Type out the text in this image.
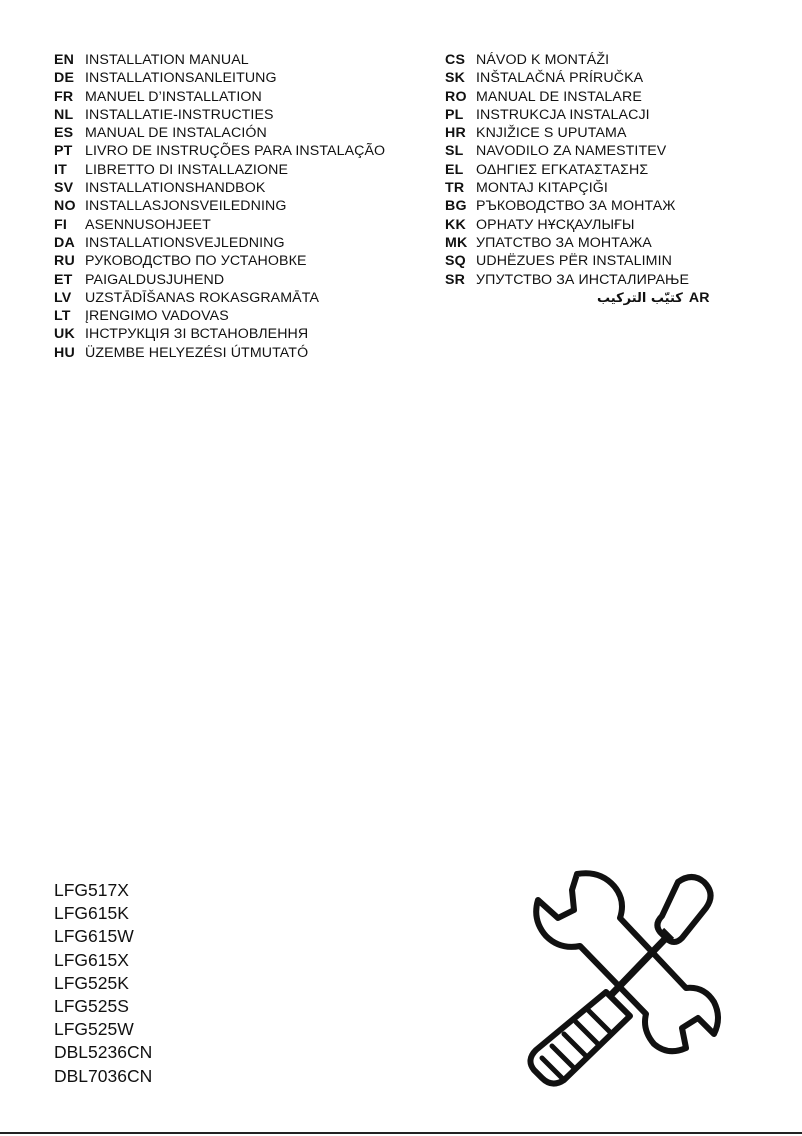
EN INSTALLATION MANUAL
DE INSTALLATIONSANLEITUNG
FR MANUEL D’INSTALLATION
NL INSTALLATIE-INSTRUCTIES
ES MANUAL DE INSTALACIÓN
PT LIVRO DE INSTRUÇÕES PARA INSTALAÇÃO
IT	LIBRETTO DI INSTALLAZIONE
SV INSTALLATIONSHANDBOK
NO INSTALLASJONSVEILEDNING
FI	ASENNUSOHJEET
DA INSTALLATIONSVEJLEDNING
RU РУКОВОДСТВО ПО УСТАНОВКЕ
ET PAIGALDUSJUHEND
LV UZSTĀDĪŠANAS ROKASGRAMĀTA
LT	ĮRENGIMO VADOVAS
UK ІНСТРУКЦІЯ ЗІ ВСТАНОВЛЕННЯ
HU ÜZEMBE HELYEZÉSI ÚTMUTATÓ
CS NÁVOD K MONTÁŽI
SK INŠTALAČNÁ PRÍRUČKA
RO MANUAL DE INSTALARE
PL INSTRUKCJA INSTALACJI
HR KNJIŽICE S UPUTAMA
SL NAVODILO ZA NAMESTITEV
EL ΟΔΗΓΙΕΣ ΕΓΚΑΤΑΣΤΑΣΗΣ
TR MONTAJ KITAPÇIĞI
BG РЪКОВОДСТВО ЗА МОНТАЖ
KK ОРНАТУ НҰСҚАУЛЫҒЫ
MK УПАТСТВО ЗА МОНТАЖА
SQ UDHËZUES PËR INSTALIMIN
SR УПУТСТВО ЗА ИНСТАЛИРАЊЕ
كتيّب التركيب AR
LFG517X
LFG615K
LFG615W
LFG615X
LFG525K
LFG525S
LFG525W
DBL5236CN
DBL7036CN
